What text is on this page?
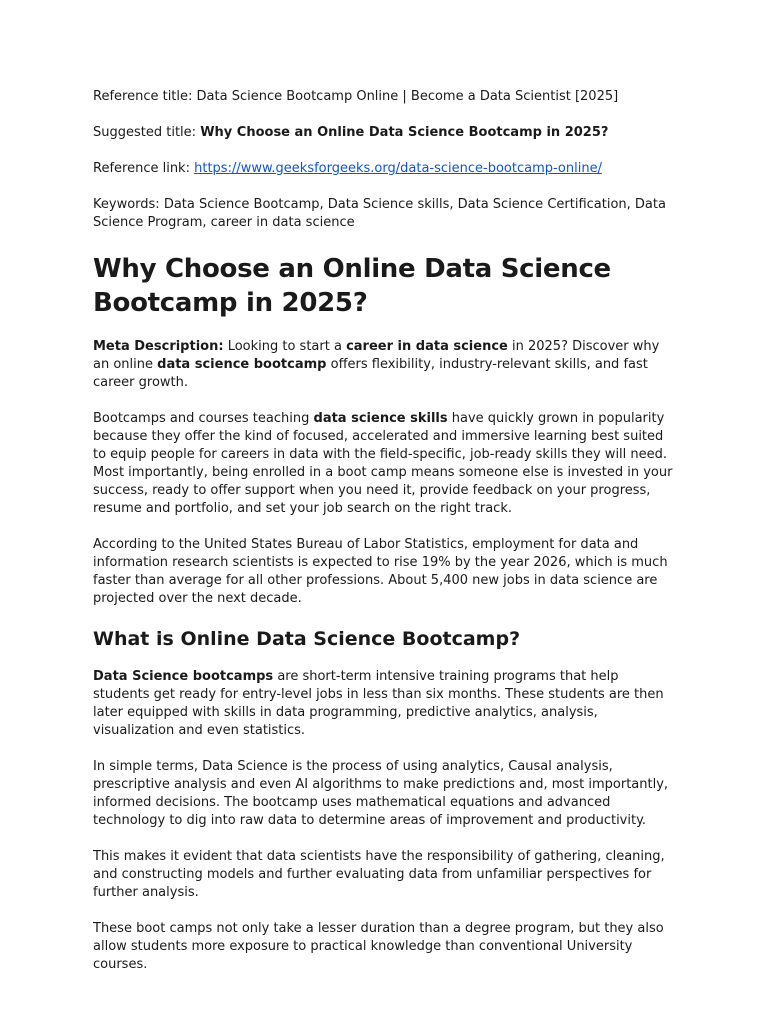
Reference title: Data Science Bootcamp Online | Become a Data Scientist [2025]

Suggested title: Why Choose an Online Data Science Bootcamp in 2025?

Reference link: https://www.geeksforgeeks.org/data-science-bootcamp-online/

Keywords: Data Science Bootcamp, Data Science skills, Data Science Certification, Data Science Program, career in data science

Why Choose an Online Data Science Bootcamp in 2025?

Meta Description: Looking to start a career in data science in 2025? Discover why an online data science bootcamp offers flexibility, industry-relevant skills, and fast career growth.

Bootcamps and courses teaching data science skills have quickly grown in popularity because they offer the kind of focused, accelerated and immersive learning best suited to equip people for careers in data with the field-specific, job-ready skills they will need. Most importantly, being enrolled in a boot camp means someone else is invested in your success, ready to offer support when you need it, provide feedback on your progress, resume and portfolio, and set your job search on the right track.

According to the United States Bureau of Labor Statistics, employment for data and information research scientists is expected to rise 19% by the year 2026, which is much faster than average for all other professions. About 5,400 new jobs in data science are projected over the next decade.

What is Online Data Science Bootcamp?

Data Science bootcamps are short-term intensive training programs that help students get ready for entry-level jobs in less than six months. These students are then later equipped with skills in data programming, predictive analytics, analysis, visualization and even statistics.

In simple terms, Data Science is the process of using analytics, Causal analysis, prescriptive analysis and even AI algorithms to make predictions and, most importantly, informed decisions. The bootcamp uses mathematical equations and advanced technology to dig into raw data to determine areas of improvement and productivity.

This makes it evident that data scientists have the responsibility of gathering, cleaning, and constructing models and further evaluating data from unfamiliar perspectives for further analysis.

These boot camps not only take a lesser duration than a degree program, but they also allow students more exposure to practical knowledge than conventional University courses.
